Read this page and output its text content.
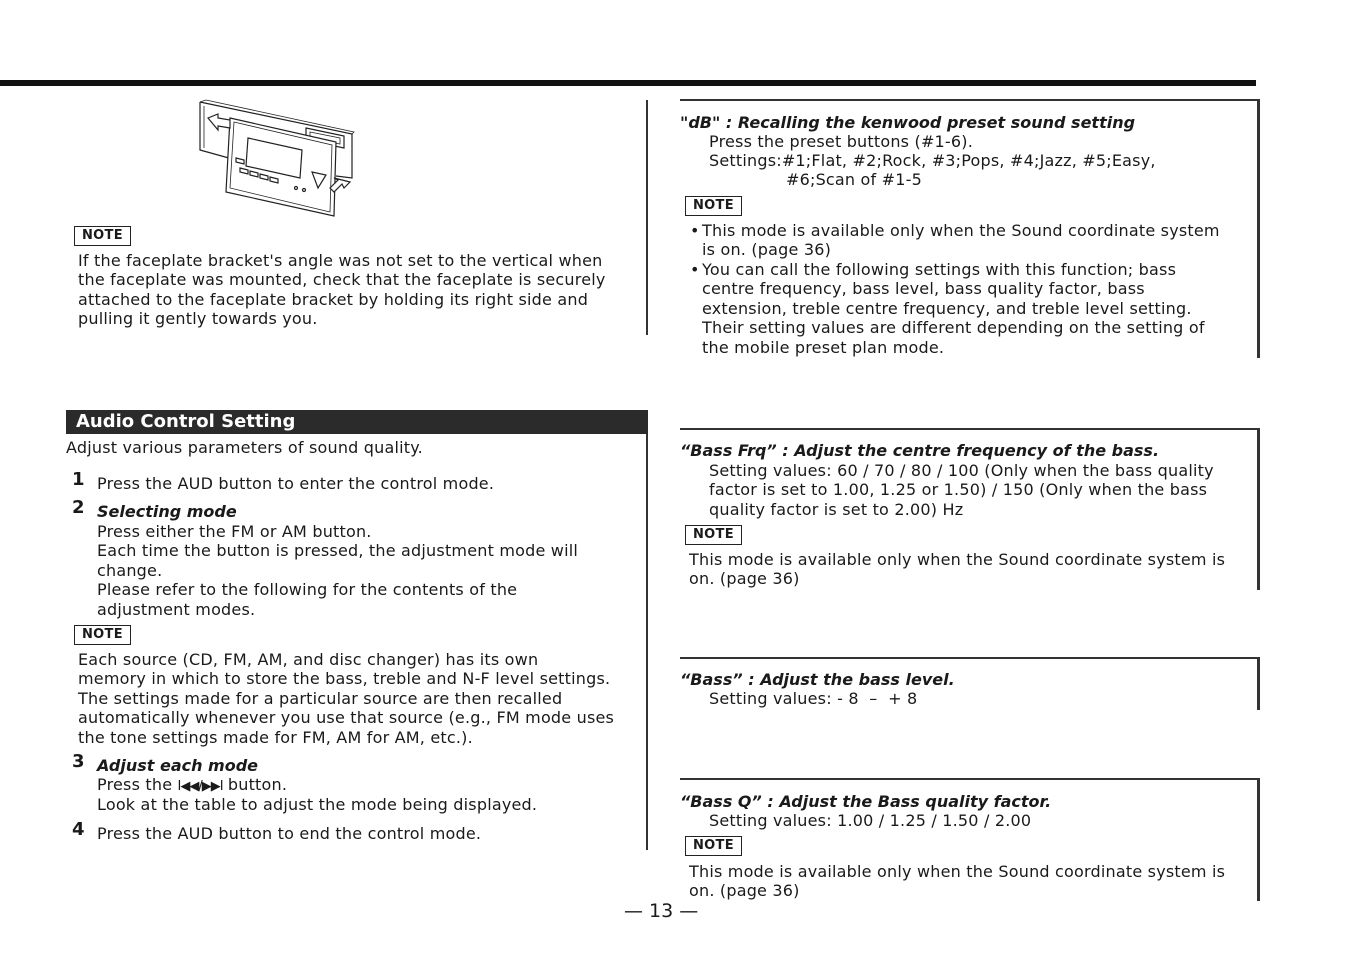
NOTE
If the faceplate bracket's angle was not set to the vertical when
the faceplate was mounted, check that the faceplate is securely
attached to the faceplate bracket by holding its right side and
pulling it gently towards you.
Audio Control Setting
Adjust various parameters of sound quality.
1 Press the AUD button to enter the control mode.
2 Selecting mode
Press either the FM or AM button.
Each time the button is pressed, the adjustment mode will
change.
Please refer to the following for the contents of the
adjustment modes.
NOTE
Each source (CD, FM, AM, and disc changer) has its own
memory in which to store the bass, treble and N-F level settings.
The settings made for a particular source are then recalled
automatically whenever you use that source (e.g., FM mode uses
the tone settings made for FM, AM for AM, etc.).
3 Adjust each mode
Press the I◀◀/▶▶I button.
Look at the table to adjust the mode being displayed.
4 Press the AUD button to end the control mode.
"dB" : Recalling the kenwood preset sound setting
Press the preset buttons (#1-6).
Settings:#1;Flat, #2;Rock, #3;Pops, #4;Jazz, #5;Easy,
#6;Scan of #1-5
NOTE
• This mode is available only when the Sound coordinate system
is on. (page 36)
• You can call the following settings with this function; bass
centre frequency, bass level, bass quality factor, bass
extension, treble centre frequency, and treble level setting.
Their setting values are different depending on the setting of
the mobile preset plan mode.
“Bass Frq” : Adjust the centre frequency of the bass.
Setting values: 60 / 70 / 80 / 100 (Only when the bass quality
factor is set to 1.00, 1.25 or 1.50) / 150 (Only when the bass
quality factor is set to 2.00) Hz
NOTE
This mode is available only when the Sound coordinate system is
on. (page 36)
“Bass” : Adjust the bass level.
Setting values: - 8  –  + 8
“Bass Q” : Adjust the Bass quality factor.
Setting values: 1.00 / 1.25 / 1.50 / 2.00
NOTE
This mode is available only when the Sound coordinate system is
on. (page 36)
— 13 —
